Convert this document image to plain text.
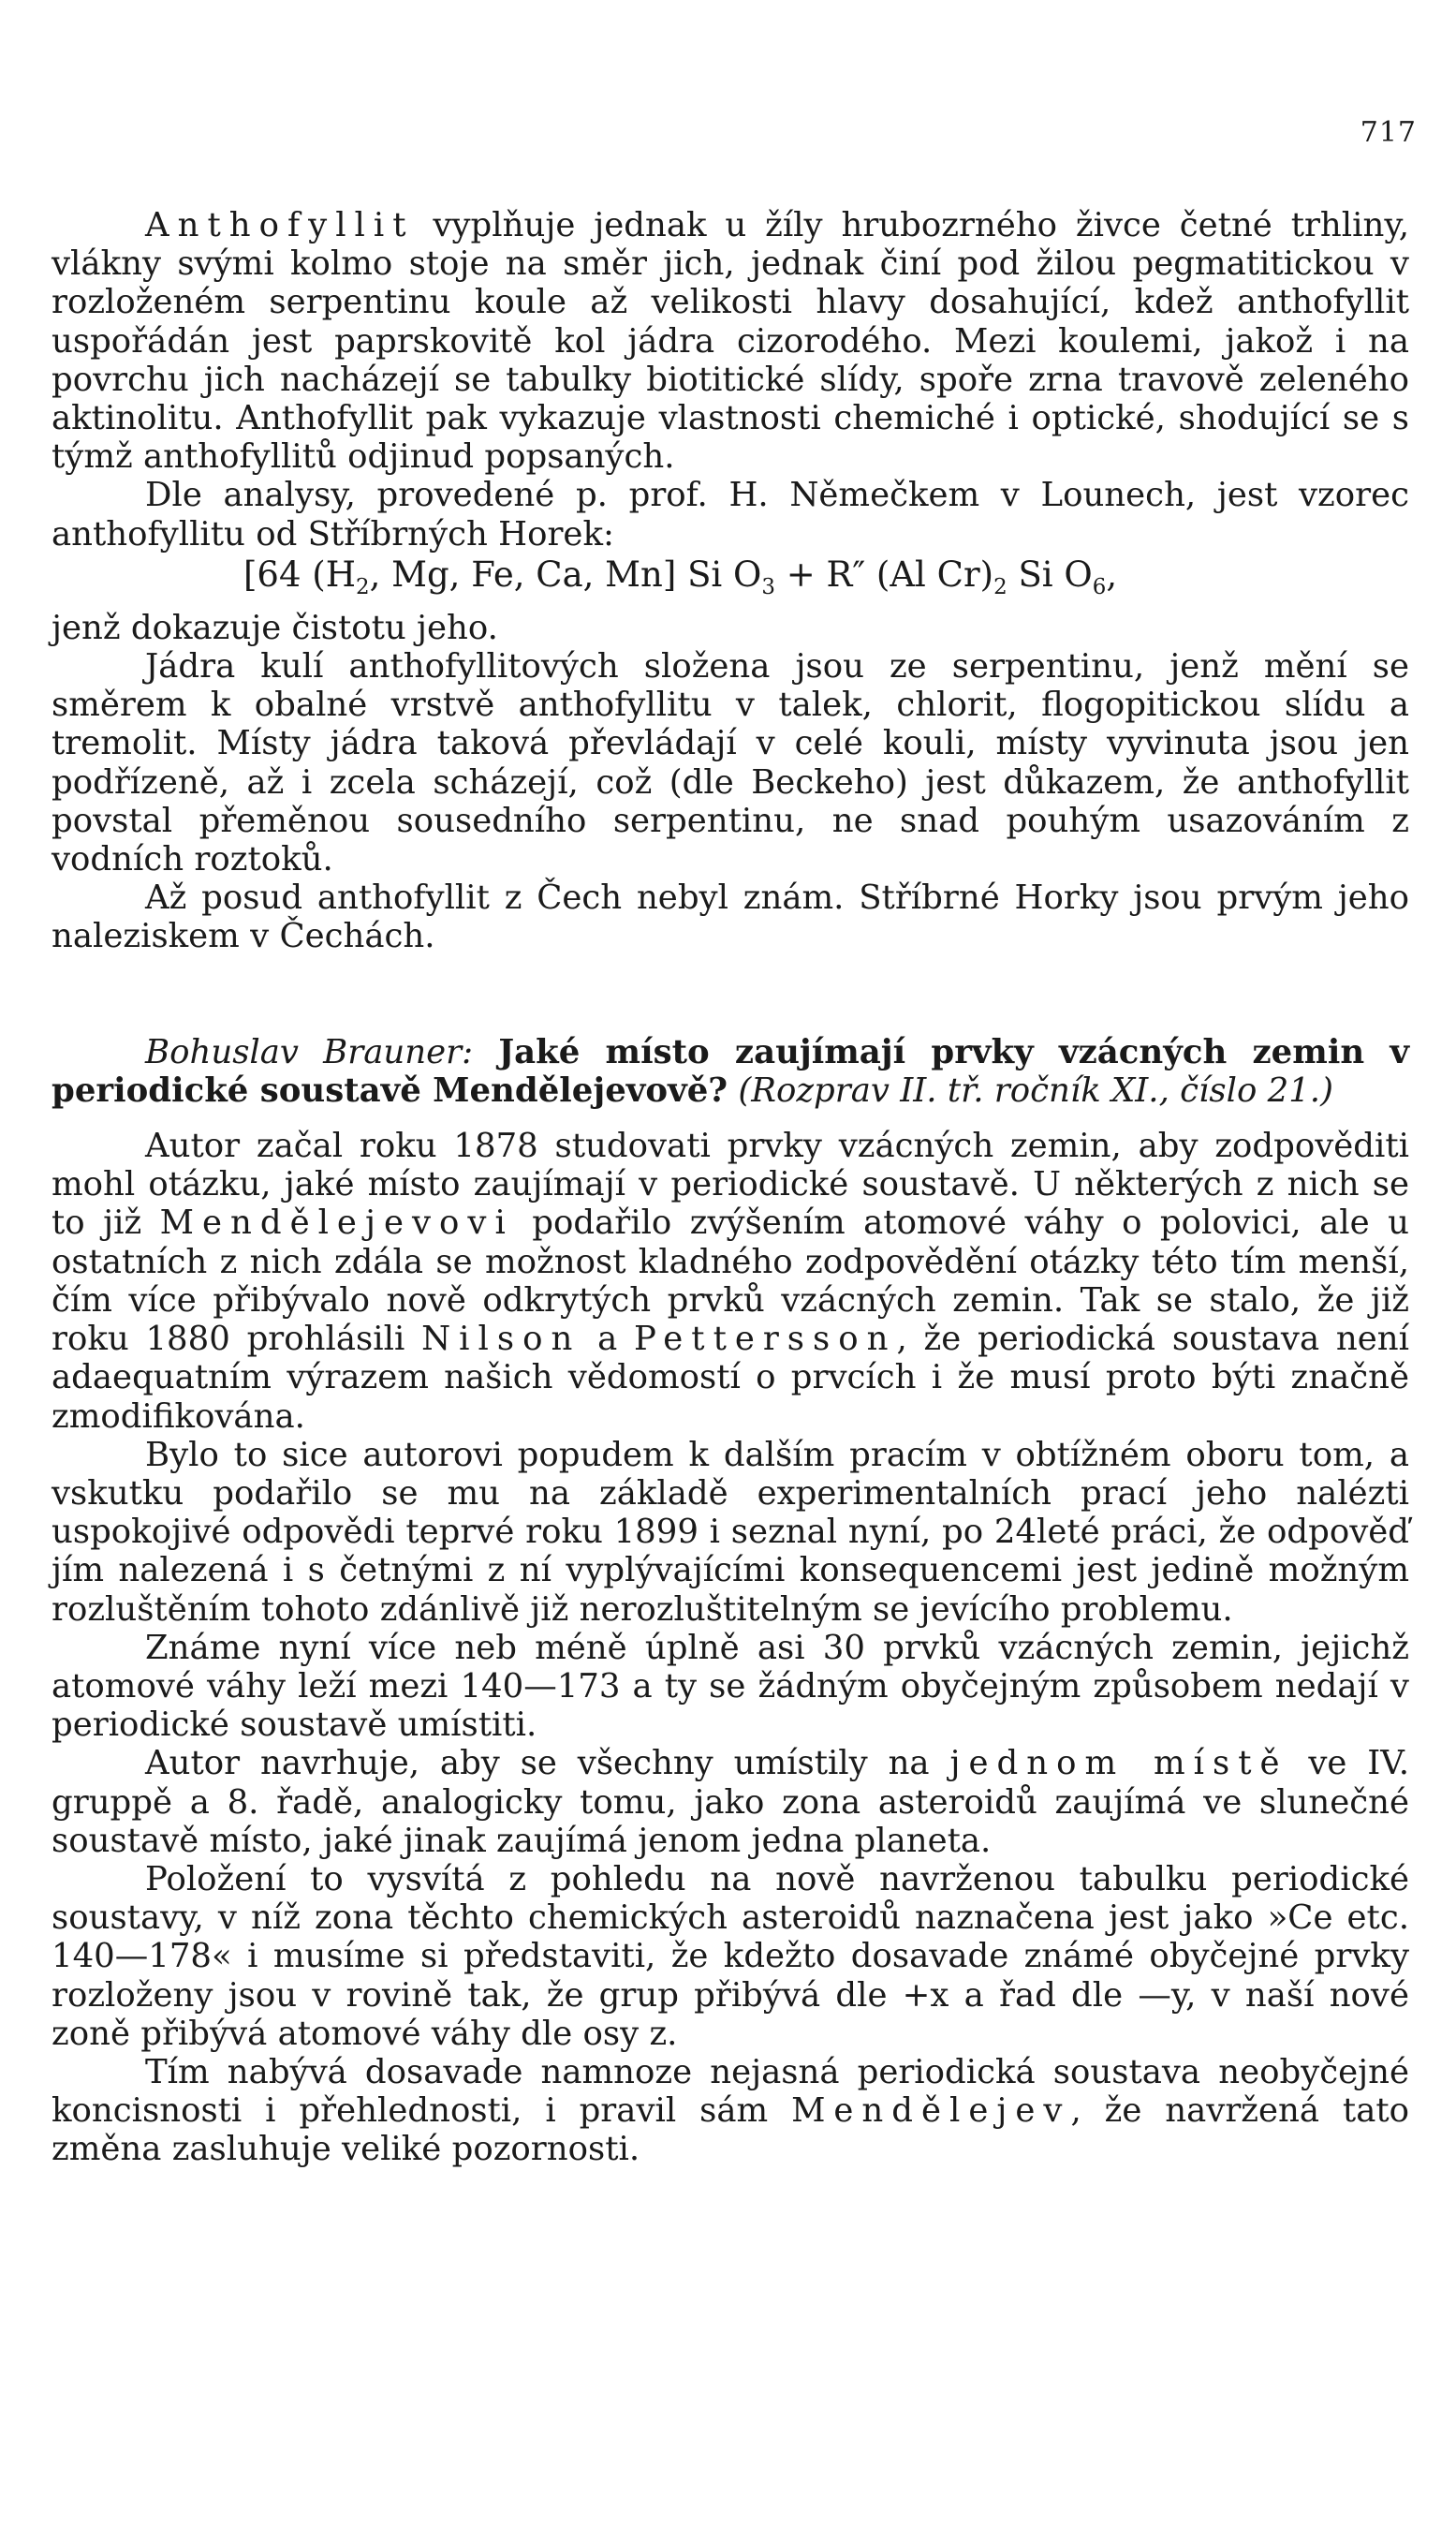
717

Anthofyllit vyplňuje jednak u žíly hrubozrného živce četné trhliny, vlákny svými kolmo stoje na směr jich, jednak činí pod žilou pegmatitickou v rozloženém serpentinu koule až velikosti hlavy dosahující, kdež anthofyllit uspořádán jest paprskovitě kol jádra cizorodého. Mezi koulemi, jakož i na povrchu jich nacházejí se tabulky biotitické slídy, spoře zrna travově zeleného aktinolitu. Anthofyllit pak vykazuje vlastnosti chemiché i optické, shodující se s týmž anthofyllitů odjinud popsaných.

Dle analysy, provedené p. prof. H. Němečkem v Lounech, jest vzorec anthofyllitu od Stříbrných Horek:

[64 ($H_2$, Mg, Fe, Ca, Mn] Si $O_3 + R''$ (Al $Cr)_2$ Si $O_6$,

jenž dokazuje čistotu jeho.

Jádra kulí anthofyllitových složena jsou ze serpentinu, jenž mění se směrem k obalné vrstvě anthofyllitu v talek, chlorit, flogopitickou slídu a tremolit. Místy jádra taková převládají v celé kouli, místy vyvinuta jsou jen podřízeně, až i zcela scházejí, což (dle Beckeho) jest důkazem, že anthofyllit povstal přeměnou sousedního serpentinu, ne snad pouhým usazováním z vodních roztoků.

Až posud anthofyllit z Čech nebyl znám. Stříbrné Horky jsou prvým jeho naleziskem v Čechách.

Bohuslav Brauner: Jaké místo zaujímají prvky vzácných zemin v periodické soustavě Mendělejevově? (Rozprav II. tř. ročník XI., číslo 21.)

Autor začal roku 1878 studovati prvky vzácných zemin, aby zodpověditi mohl otázku, jaké místo zaujímají v periodické soustavě. U některých z nich se to již Mendělejevovi podařilo zvýšením atomové váhy o polovici, ale u ostatních z nich zdála se možnost kladného zodpovědění otázky této tím menší, čím více přibývalo nově odkrytých prvků vzácných zemin. Tak se stalo, že již roku 1880 prohlásili Nilson a Pettersson, že periodická soustava není adaequatním výrazem našich vědomostí o prvcích i že musí proto býti značně zmodifikována.

Bylo to sice autorovi popudem k dalším pracím v obtížném oboru tom, a vskutku podařilo se mu na základě experimentalních prací jeho nalézti uspokojivé odpovědi teprvé roku 1899 i seznal nyní, po 24leté práci, že odpověď jím nalezená i s četnými z ní vyplývajícími konsequencemi jest jedině možným rozluštěním tohoto zdánlivě již nerozluštitelným se jevícího problemu.

Známe nyní více neb méně úplně asi 30 prvků vzácných zemin, jejichž atomové váhy leží mezi 140—173 a ty se žádným obyčejným způsobem nedají v periodické soustavě umístiti.

Autor navrhuje, aby se všechny umístily na jednom místě ve IV. gruppě a 8. řadě, analogicky tomu, jako zona asteroidů zaujímá ve slunečné soustavě místo, jaké jinak zaujímá jenom jedna planeta.

Položení to vysvítá z pohledu na nově navrženou tabulku periodické soustavy, v níž zona těchto chemických asteroidů naznačena jest jako »Ce etc. 140—178« i musíme si představiti, že kdežto dosavade známé obyčejné prvky rozloženy jsou v rovině tak, že grup přibývá dle +x a řad dle —y, v naší nové zoně přibývá atomové váhy dle osy z.

Tím nabývá dosavade namnoze nejasná periodická soustava neobyčejné koncisnosti i přehlednosti, i pravil sám Mendělejev, že navržená tato změna zasluhuje veliké pozornosti.
